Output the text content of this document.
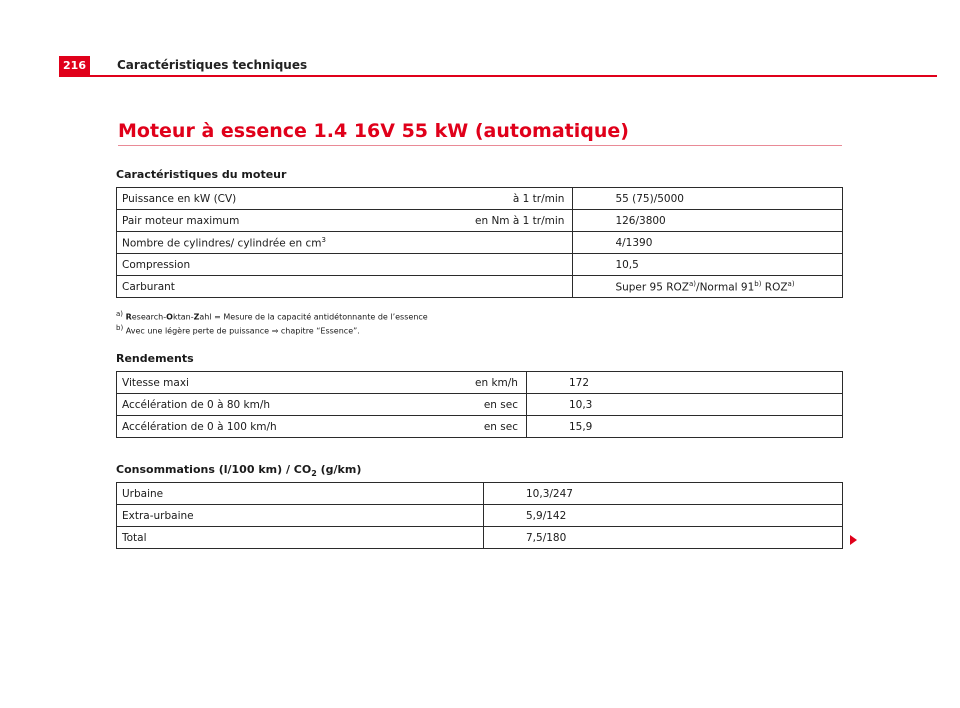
216	Caractéristiques techniques
Moteur à essence 1.4 16V 55 kW (automatique)
Caractéristiques du moteur
Puissance en kW (CV)	à 1 tr/min	55 (75)/5000
Pair moteur maximum	en Nm à 1 tr/min	126/3800
Nombre de cylindres/ cylindrée en $cm^3$		4/1390
Compression		10,5
Carburant		Super 95 ROZ$^{a)}$/Normal 91$^{b)}$ ROZ$^{a)}$
$^{a)}$ Research-Oktan-Zahl = Mesure de la capacité antidétonnante de l’essence
$^{b)}$ Avec une légère perte de puissance ⇒ chapitre “Essence”.
Rendements
Vitesse maxi	en km/h	172
Accélération de 0 à 80 km/h	en sec	10,3
Accélération de 0 à 100 km/h	en sec	15,9
Consommations (l/100 $km) / CO_2$ (g/km)
Urbaine		10,3/247
Extra-urbaine		5,9/142
Total		7,5/180
